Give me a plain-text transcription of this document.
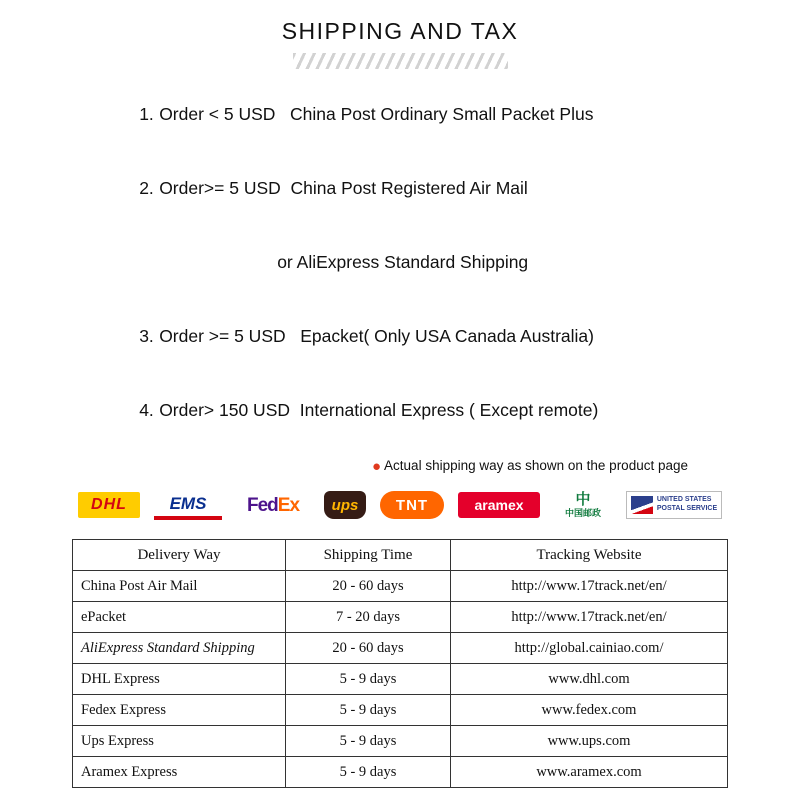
SHIPPING AND TAX

1. Order < 5 USD   China Post Ordinary Small Packet Plus

2. Order>= 5 USD  China Post Registered Air Mail

or AliExpress Standard Shipping

3. Order >= 5 USD   Epacket( Only USA Canada Australia)

4. Order> 150 USD  International Express ( Except remote)

● Actual shipping way as shown on the product page
DHL	EMS Fed Ex ups	TNT	aramex	中
中国邮政
UNITED STATES
POSTAL SERVICE
Delivery Way	Shipping Time	Tracking Website
China Post Air Mail	20 - 60 days	http://www.17track.net/en/
ePacket	7 - 20 days	http://www.17track.net/en/
AliExpress Standard Shipping	20 - 60 days	http://global.cainiao.com/
DHL Express	5 - 9 days	www.dhl.com
Fedex Express	5 - 9 days	www.fedex.com
Ups Express	5 - 9 days	www.ups.com
Aramex Express	5 - 9 days	www.aramex.com
